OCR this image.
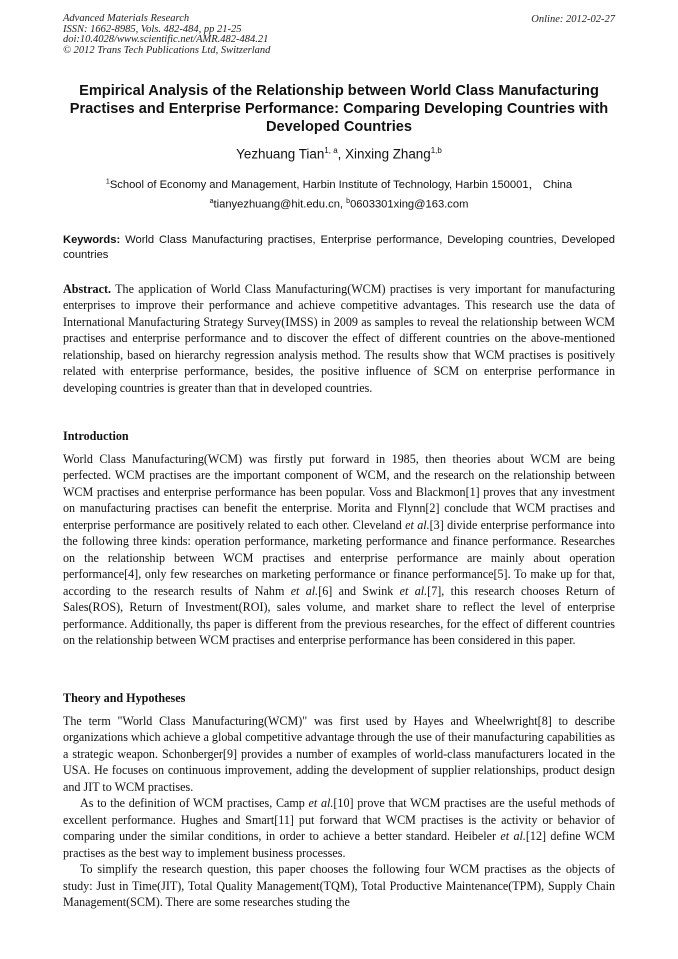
Advanced Materials Research
ISSN: 1662-8985, Vols. 482-484, pp 21-25
doi:10.4028/www.scientific.net/AMR.482-484.21
© 2012 Trans Tech Publications Ltd, Switzerland
Online: 2012-02-27
Empirical Analysis of the Relationship between World Class Manufacturing Practises and Enterprise Performance: Comparing Developing Countries with Developed Countries
Yezhuang Tian$^{1, a}$, Xinxing Zhang$^{1,b}$
$^1$School of Economy and Management, Harbin Institute of Technology, Harbin 150001， China
$^a$tianyezhuang@hit.edu.cn, $^b$0603301xing@163.com
Keywords: World Class Manufacturing practises, Enterprise performance, Developing countries, Developed countries
Abstract. The application of World Class Manufacturing(WCM) practises is very important for manufacturing enterprises to improve their performance and achieve competitive advantages. This research use the data of International Manufacturing Strategy Survey(IMSS) in 2009 as samples to reveal the relationship between WCM practises and enterprise performance and to discover the effect of different countries on the above-mentioned relationship, based on hierarchy regression analysis method. The results show that WCM practises is positively related with enterprise performance, besides, the positive influence of SCM on enterprise performance in developing countries is greater than that in developed countries.
Introduction

World Class Manufacturing(WCM) was firstly put forward in 1985, then theories about WCM are being perfected. WCM practises are the important component of WCM, and the research on the relationship between WCM practises and enterprise performance has been popular. Voss and Blackmon[1] proves that any investment on manufacturing practises can benefit the enterprise. Morita and Flynn[2] conclude that WCM practises and enterprise performance are positively related to each other. Cleveland et al.[3] divide enterprise performance into the following three kinds: operation performance, marketing performance and finance performance. Researches on the relationship between WCM practises and enterprise performance are mainly about operation performance[4], only few researches on marketing performance or finance performance[5]. To make up for that, according to the research results of Nahm et al.[6] and Swink et al.[7], this research chooses Return of Sales(ROS), Return of Investment(ROI), sales volume, and market share to reflect the level of enterprise performance. Additionally, ths paper is different from the previous researches, for the effect of different countries on the relationship between WCM practises and enterprise performance has been considered in this paper.

Theory and Hypotheses

The term "World Class Manufacturing(WCM)" was first used by Hayes and Wheelwright[8] to describe organizations which achieve a global competitive advantage through the use of their manufacturing capabilities as a strategic weapon. Schonberger[9] provides a number of examples of world-class manufacturers located in the USA. He focuses on continuous improvement, adding the development of supplier relationships, product design and JIT to WCM practises.

As to the definition of WCM practises, Camp et al.[10] prove that WCM practises are the useful methods of excellent performance. Hughes and Smart[11] put forward that WCM practises is the activity or behavior of comparing under the similar conditions, in order to achieve a better standard. Heibeler et al.[12] define WCM practises as the best way to implement business processes.

To simplify the research question, this paper chooses the following four WCM practises as the objects of study: Just in Time(JIT), Total Quality Management(TQM), Total Productive Maintenance(TPM), Supply Chain Management(SCM). There are some researches studing the
